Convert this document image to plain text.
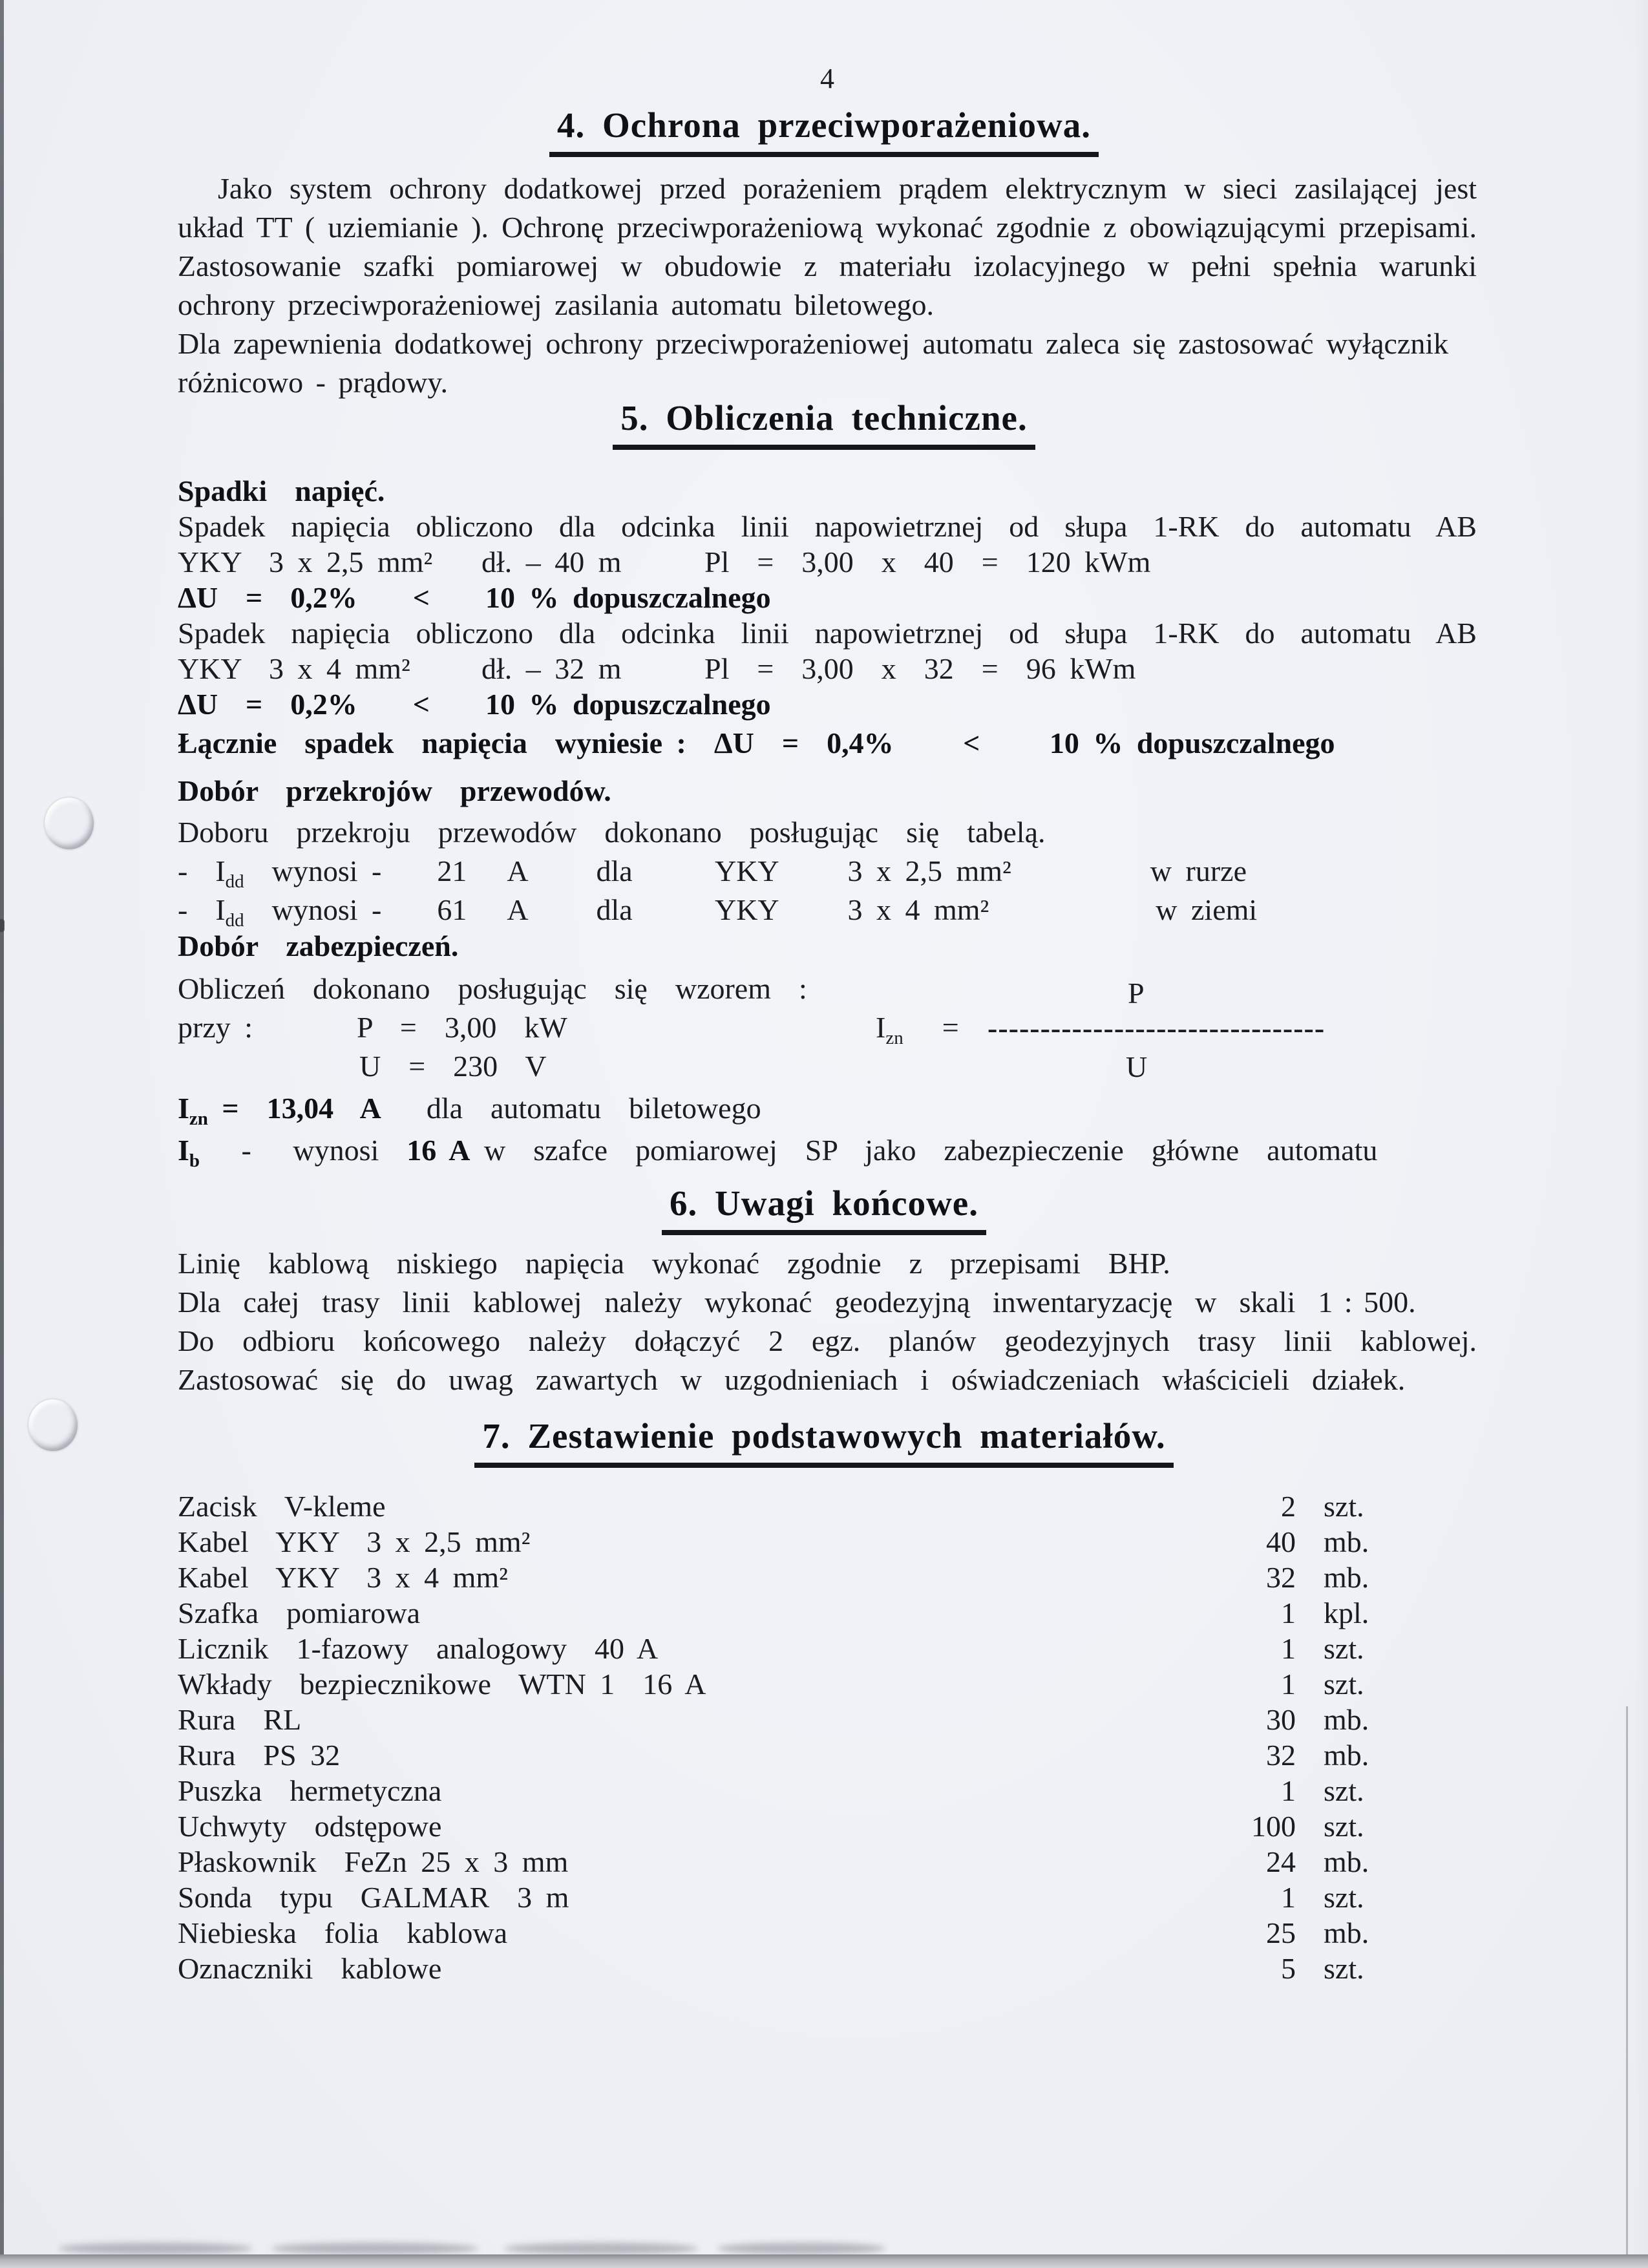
4
4. Ochrona przeciwporażeniowa.
Jako system ochrony dodatkowej przed porażeniem prądem elektrycznym w sieci zasilającej jest układ TT ( uziemianie ). Ochronę przeciwporażeniową wykonać zgodnie z obowiązującymi przepisami. Zastosowanie szafki pomiarowej w obudowie z materiału izolacyjnego w pełni spełnia warunki ochrony przeciwporażeniowej zasilania automatu biletowego.
Dla zapewnienia dodatkowej ochrony przeciwporażeniowej automatu zaleca się zastosować wyłącznik różnicowo - prądowy.
5. Obliczenia techniczne.
Spadki  napięć.
Spadek napięcia obliczono dla odcinka linii napowietrznej od słupa 1-RK do automatu AB
YKY  3 x 2,5 mm² dł. – 40 m	Pl  =  3,00  x  40  =  120 kWm
ΔU  =  0,2%    <    10 % dopuszczalnego
Spadek napięcia obliczono dla odcinka linii napowietrznej od słupa 1-RK do automatu AB
YKY  3 x 4 mm² dł. – 32 m	Pl  =  3,00  x  32  =  96 kWm
ΔU  =  0,2%    <    10 % dopuszczalnego
Łącznie  spadek  napięcia  wyniesie :  ΔU  =  0,4%     <     10 % dopuszczalnego
Dobór  przekrojów  przewodów.
Doboru  przekroju  przewodów  dokonano  posługując  się  tabelą.
-  $I_{dd}$  wynosi -    21   A     dla      YKY     3 x 2,5 mm²          w rurze
-  $I_{dd}$  wynosi -    61   A     dla      YKY     3 x 4 mm²            w ziemi
Dobór  zabezpieczeń.
Obliczeń  dokonano  posługując  się  wzorem  :
przy :	P  =  3,00  kW
U  =  230  V
$I_{zn}$ =
P
--------------------------------
U
$I_{zn} = 13,04$  A dla  automatu  biletowego
$I_b$   -   wynosi  16 A w  szafce  pomiarowej  SP  jako  zabezpieczenie  główne  automatu
6. Uwagi końcowe.
Linię  kablową  niskiego  napięcia  wykonać  zgodnie  z  przepisami  BHP.
Dla  całej  trasy  linii  kablowej  należy  wykonać  geodezyjną  inwentaryzację  w  skali  1 : 500.
Do odbioru końcowego należy dołączyć 2 egz. planów geodezyjnych trasy linii kablowej.
Zastosować  się  do  uwag  zawartych  w  uzgodnieniach  i  oświadczeniach  właścicieli  działek.
7. Zestawienie podstawowych materiałów.
Zacisk  V-kleme	2 szt.
Kabel  YKY  3 x 2,5 mm²	40 mb.
Kabel  YKY  3 x 4 mm²	32 mb.
Szafka  pomiarowa	1 kpl.
Licznik  1-fazowy  analogowy  40 A	1 szt.
Wkłady  bezpiecznikowe  WTN 1  16 A	1 szt.
Rura  RL	30 mb.
Rura  PS 32	32 mb.
Puszka  hermetyczna	1 szt.
Uchwyty  odstępowe	100 szt.
Płaskownik  FeZn 25 x 3 mm	24 mb.
Sonda  typu  GALMAR  3 m	1 szt.
Niebieska  folia  kablowa	25 mb.
Oznaczniki  kablowe	5 szt.
